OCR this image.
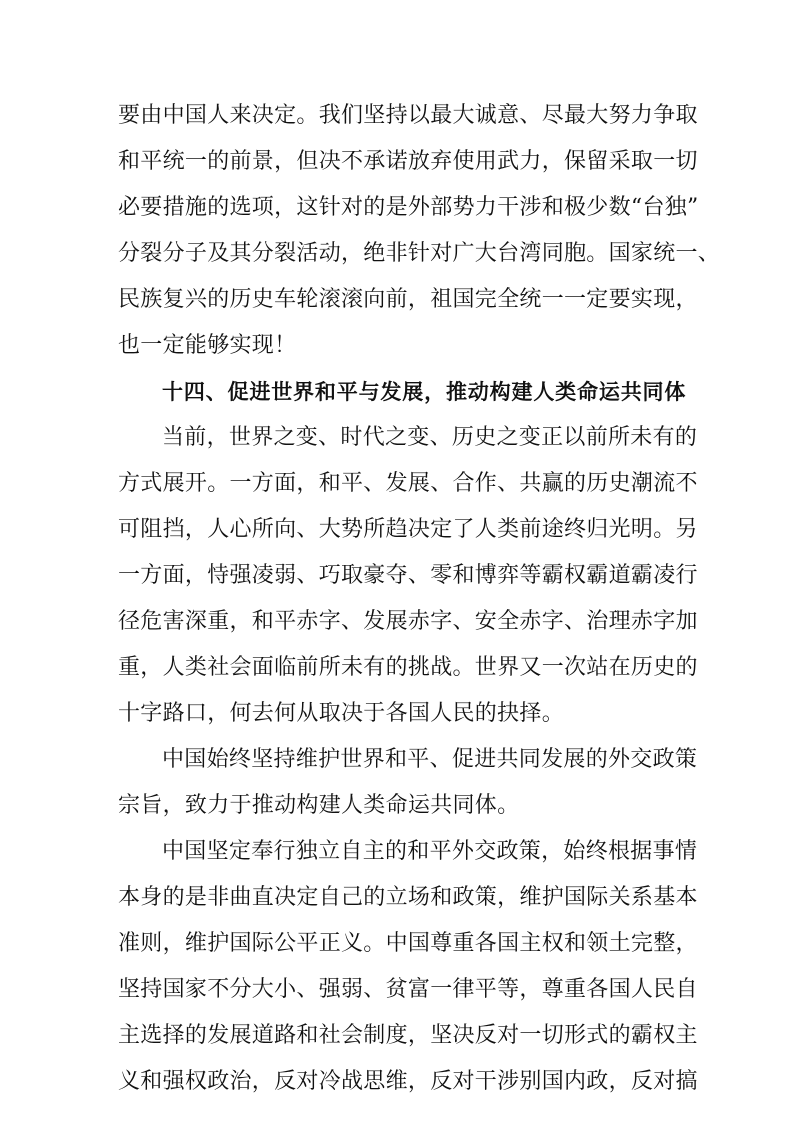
要由中国人来决定。我们坚持以最大诚意、尽最大努力争取
和平统一的前景，但决不承诺放弃使用武力，保留采取一切
必要措施的选项，这针对的是外部势力干涉和极少数“台独”
分裂分子及其分裂活动，绝非针对广大台湾同胞。国家统一、
民族复兴的历史车轮滚滚向前，祖国完全统一一定要实现，
也一定能够实现！
十四、促进世界和平与发展，推动构建人类命运共同体
当前，世界之变、时代之变、历史之变正以前所未有的
方式展开。一方面，和平、发展、合作、共赢的历史潮流不
可阻挡，人心所向、大势所趋决定了人类前途终归光明。另
一方面，恃强凌弱、巧取豪夺、零和博弈等霸权霸道霸凌行
径危害深重，和平赤字、发展赤字、安全赤字、治理赤字加
重，人类社会面临前所未有的挑战。世界又一次站在历史的
十字路口，何去何从取决于各国人民的抉择。
中国始终坚持维护世界和平、促进共同发展的外交政策
宗旨，致力于推动构建人类命运共同体。
中国坚定奉行独立自主的和平外交政策，始终根据事情
本身的是非曲直决定自己的立场和政策，维护国际关系基本
准则，维护国际公平正义。中国尊重各国主权和领土完整，
坚持国家不分大小、强弱、贫富一律平等，尊重各国人民自
主选择的发展道路和社会制度，坚决反对一切形式的霸权主
义和强权政治，反对冷战思维，反对干涉别国内政，反对搞
